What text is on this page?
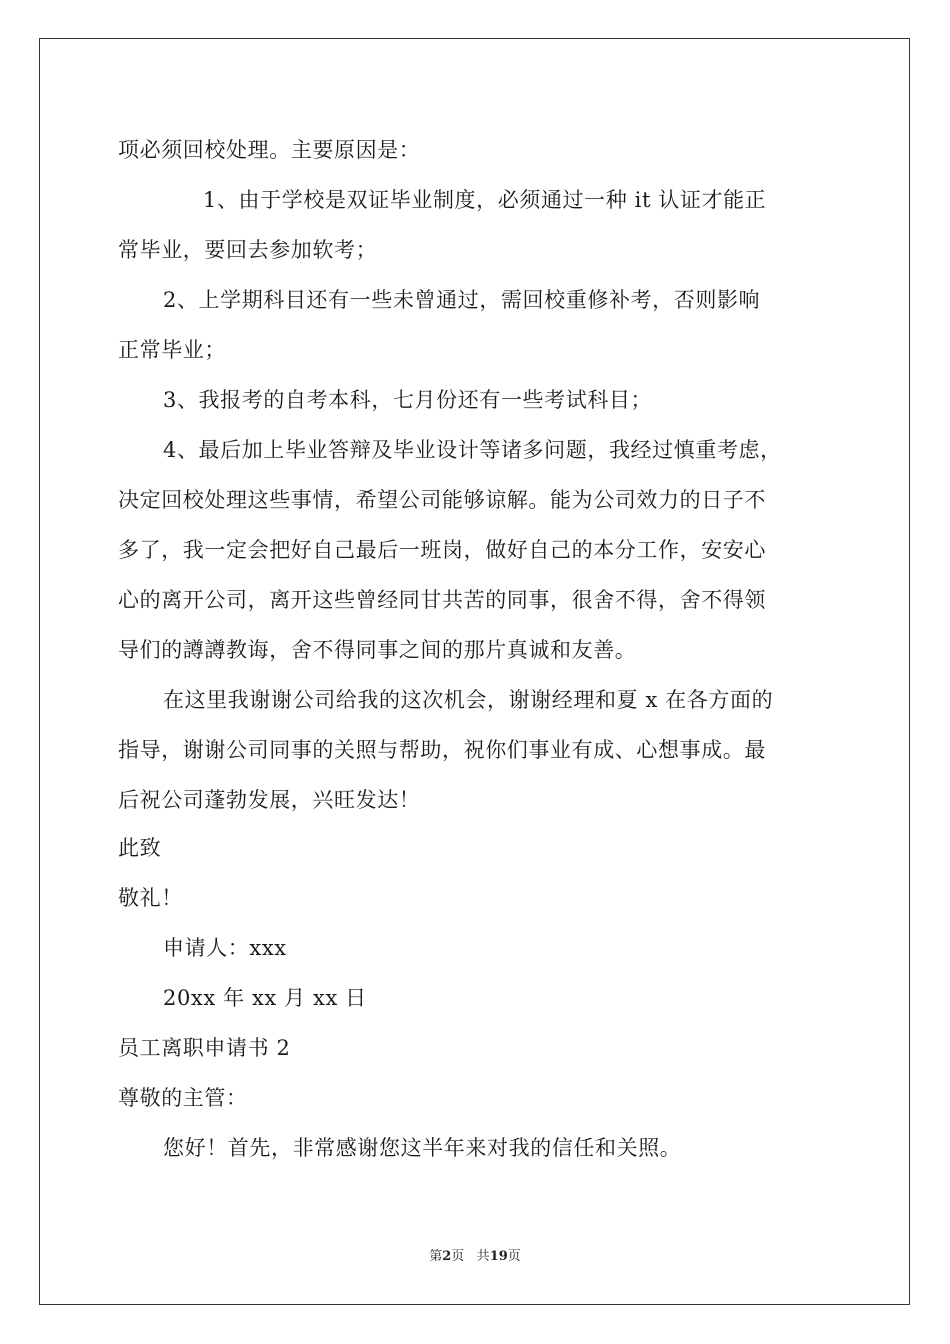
项必须回校处理。主要原因是：
1、由于学校是双证毕业制度，必须通过一种 it 认证才能正
常毕业，要回去参加软考；
2、上学期科目还有一些未曾通过，需回校重修补考，否则影响
正常毕业；
3、我报考的自考本科，七月份还有一些考试科目；
4、最后加上毕业答辩及毕业设计等诸多问题，我经过慎重考虑，
决定回校处理这些事情，希望公司能够谅解。能为公司效力的日子不
多了，我一定会把好自己最后一班岗，做好自己的本分工作，安安心
心的离开公司，离开这些曾经同甘共苦的同事，很舍不得，舍不得领
导们的譐譐教诲，舍不得同事之间的那片真诚和友善。
在这里我谢谢公司给我的这次机会，谢谢经理和夏 x 在各方面的
指导，谢谢公司同事的关照与帮助，祝你们事业有成、心想事成。最
后祝公司蓬勃发展，兴旺发达！
此致
敬礼！
申请人：xxx
20xx 年 xx 月 xx 日
员工离职申请书 2
尊敬的主管：
您好！首先，非常感谢您这半年来对我的信任和关照。
第2页 共19页
